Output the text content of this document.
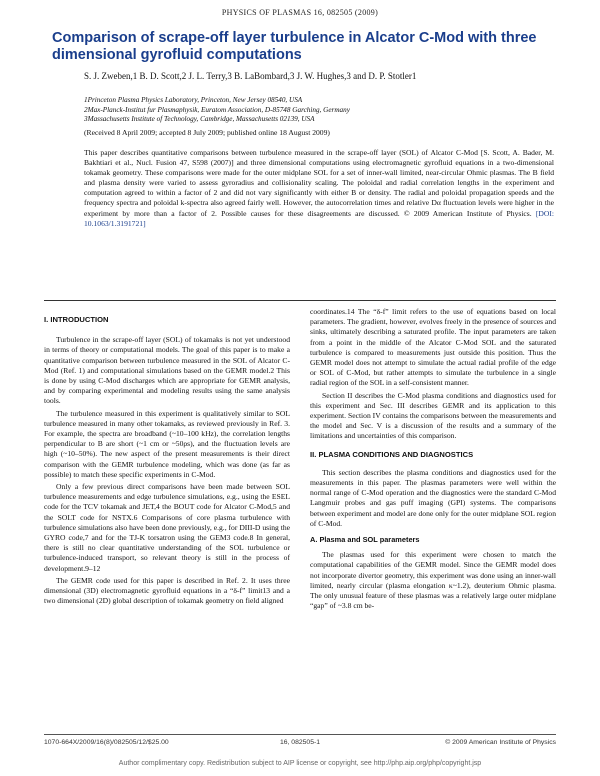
PHYSICS OF PLASMAS 16, 082505 (2009)
Comparison of scrape-off layer turbulence in Alcator C-Mod with three dimensional gyrofluid computations
S. J. Zweben,1 B. D. Scott,2 J. L. Terry,3 B. LaBombard,3 J. W. Hughes,3 and D. P. Stotler1
1Princeton Plasma Physics Laboratory, Princeton, New Jersey 08540, USA
2Max-Planck-Institut fur Plasmaphysik, Euratom Association, D-85748 Garching, Germany
3Massachusetts Institute of Technology, Cambridge, Massachusetts 02139, USA
(Received 8 April 2009; accepted 8 July 2009; published online 18 August 2009)
This paper describes quantitative comparisons between turbulence measured in the scrape-off layer (SOL) of Alcator C-Mod [S. Scott, A. Bader, M. Bakhtiari et al., Nucl. Fusion 47, S598 (2007)] and three dimensional computations using electromagnetic gyrofluid equations in a two-dimensional tokamak geometry. These comparisons were made for the outer midplane SOL for a set of inner-wall limited, near-circular Ohmic plasmas. The B field and plasma density were varied to assess gyroradius and collisionality scaling. The poloidal and radial correlation lengths in the experiment and computation agreed to within a factor of 2 and did not vary significantly with either B or density. The radial and poloidal propagation speeds and the frequency spectra and poloidal k-spectra also agreed fairly well. However, the autocorrelation times and relative Dα fluctuation levels were higher in the experiment by more than a factor of 2. Possible causes for these disagreements are discussed. © 2009 American Institute of Physics. [DOI: 10.1063/1.3191721]
I. INTRODUCTION

Turbulence in the scrape-off layer (SOL) of tokamaks is not yet understood in terms of theory or computational models. The goal of this paper is to make a quantitative comparison between turbulence measured in the SOL of Alcator C-Mod (Ref. 1) and computational simulations based on the GEMR model.2 This is done by using C-Mod discharges which are appropriate for GEMR analysis, and by comparing experimental and modeling results using the same analysis tools.

The turbulence measured in this experiment is qualitatively similar to SOL turbulence measured in many other tokamaks, as reviewed previously in Ref. 3. For example, the spectra are broadband (~10–100 kHz), the correlation lengths perpendicular to B are short (~1 cm or ~50ρs), and the fluctuation levels are high (~10–50%). The new aspect of the present measurements is their direct comparison with the GEMR turbulence modeling, which was done (as far as possible) to match these specific experiments in C-Mod.

Only a few previous direct comparisons have been made between SOL turbulence measurements and edge turbulence simulations, e.g., using the ESEL code for the TCV tokamak and JET,4 the BOUT code for Alcator C-Mod,5 and the SOLT code for NSTX.6 Comparisons of core plasma turbulence with turbulence simulations also have been done previously, e.g., for DIII-D using the GYRO code,7 and for the TJ-K torsatron using the GEM3 code.8 In general, there is still no clear quantitative understanding of the SOL turbulence or turbulence-induced transport, so relevant theory is still in the process of development.9–12

The GEMR code used for this paper is described in Ref. 2. It uses three dimensional (3D) electromagnetic gyrofluid equations in a “δ-f” limit13 and a two dimensional (2D) global description of tokamak geometry on field aligned

coordinates.14 The “δ-f” limit refers to the use of equations based on local parameters. The gradient, however, evolves freely in the presence of sources and sinks, ultimately describing a saturated profile. The input parameters are taken from a point in the middle of the Alcator C-Mod SOL and the saturated turbulence is compared to measurements just outside this position. Thus the GEMR model does not attempt to simulate the actual radial profile of the edge or SOL of C-Mod, but rather attempts to simulate the turbulence in a single radial region of the SOL in a self-consistent manner.

Section II describes the C-Mod plasma conditions and diagnostics used for this experiment and Sec. III describes GEMR and its application to this experiment. Section IV contains the comparisons between the measurements and the model and Sec. V is a discussion of the results and a summary of the limitations and uncertainties of this comparison.

II. PLASMA CONDITIONS AND DIAGNOSTICS

This section describes the plasma conditions and diagnostics used for the measurements in this paper. The plasmas parameters were well within the normal range of C-Mod operation and the diagnostics were the standard C-Mod Langmuir probes and gas puff imaging (GPI) systems. The comparisons between experiment and model are done only for the outer midplane SOL region of C-Mod.

A. Plasma and SOL parameters

The plasmas used for this experiment were chosen to match the computational capabilities of the GEMR model. Since the GEMR model does not incorporate divertor geometry, this experiment was done using an inner-wall limited, nearly circular (plasma elongation κ~1.2), deuterium Ohmic plasma. The only unusual feature of these plasmas was a relatively large outer midplane “gap” of ~3.8 cm be-

1070-664X/2009/16(8)/082505/12/$25.00	16, 082505-1	© 2009 American Institute of Physics
Author complimentary copy. Redistribution subject to AIP license or copyright, see http://php.aip.org/php/copyright.jsp
